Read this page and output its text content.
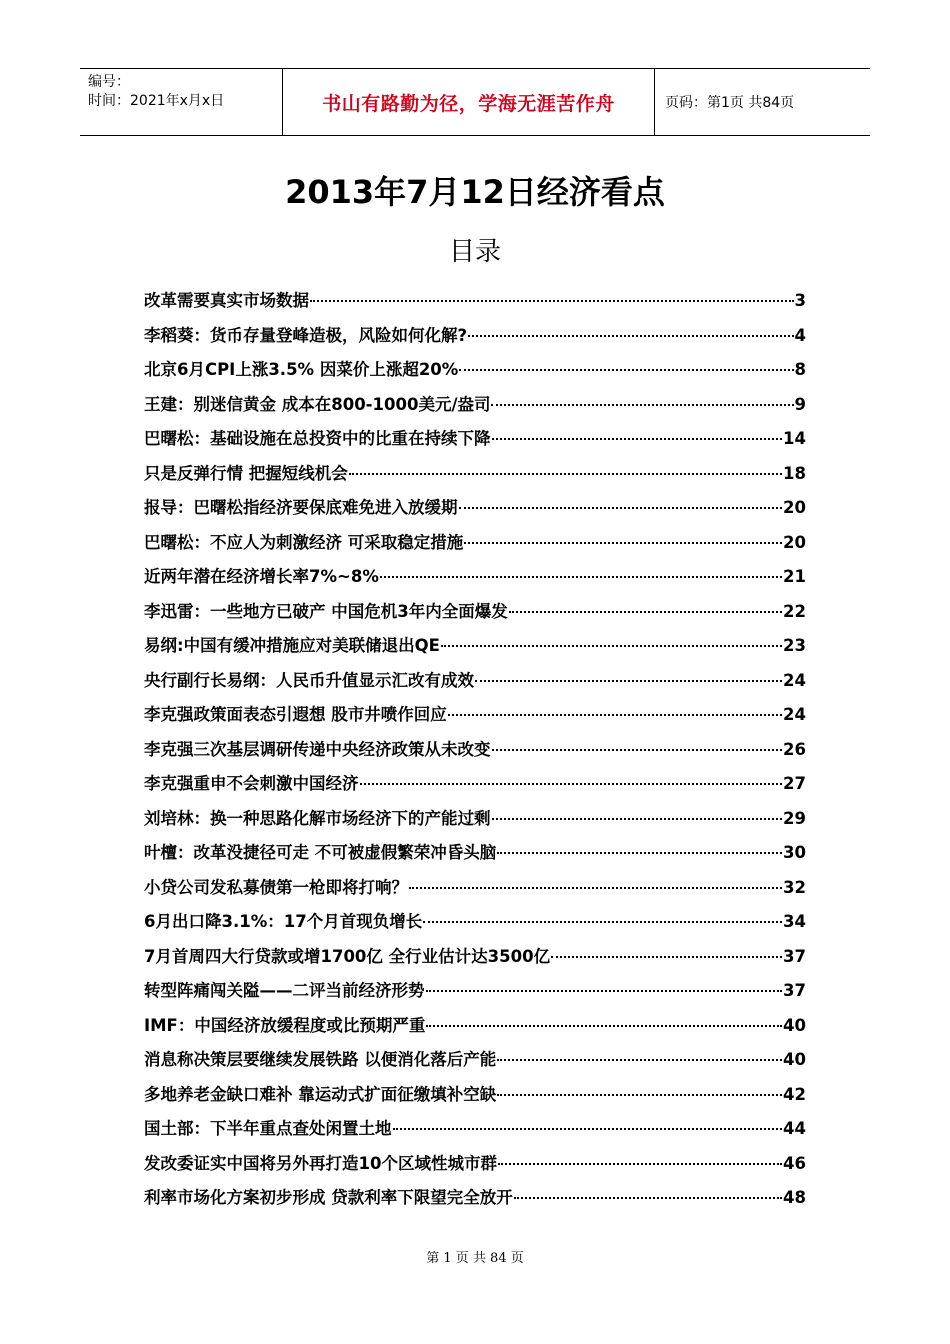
编号：
时间：2021年x月x日	书山有路勤为径，学海无涯苦作舟	页码：第1页 共84页
2013年7月12日经济看点
目录
改革需要真实市场数据	3
李稻葵：货币存量登峰造极，风险如何化解?	4
北京6月CPI上涨3.5% 因菜价上涨超20%	8
王建：别迷信黄金 成本在800-1000美元/盎司	9
巴曙松：基础设施在总投资中的比重在持续下降	14
只是反弹行情 把握短线机会	18
报导：巴曙松指经济要保底难免进入放缓期	20
巴曙松：不应人为刺激经济 可采取稳定措施	20
近两年潜在经济增长率7%~8%	21
李迅雷：一些地方已破产 中国危机3年内全面爆发	22
易纲:中国有缓冲措施应对美联储退出QE	23
央行副行长易纲：人民币升值显示汇改有成效	24
李克强政策面表态引遐想 股市井喷作回应	24
李克强三次基层调研传递中央经济政策从未改变	26
李克强重申不会刺激中国经济	27
刘培林：换一种思路化解市场经济下的产能过剩	29
叶檀：改革没捷径可走 不可被虚假繁荣冲昏头脑	30
小贷公司发私募债第一枪即将打响？	32
6月出口降3.1%：17个月首现负增长	34
7月首周四大行贷款或增1700亿 全行业估计达3500亿	37
转型阵痛闯关隘——二评当前经济形势	37
IMF：中国经济放缓程度或比预期严重	40
消息称决策层要继续发展铁路 以便消化落后产能	40
多地养老金缺口难补 靠运动式扩面征缴填补空缺	42
国土部：下半年重点查处闲置土地	44
发改委证实中国将另外再打造10个区域性城市群	46
利率市场化方案初步形成 贷款利率下限望完全放开	48
第 1 页 共 84 页
